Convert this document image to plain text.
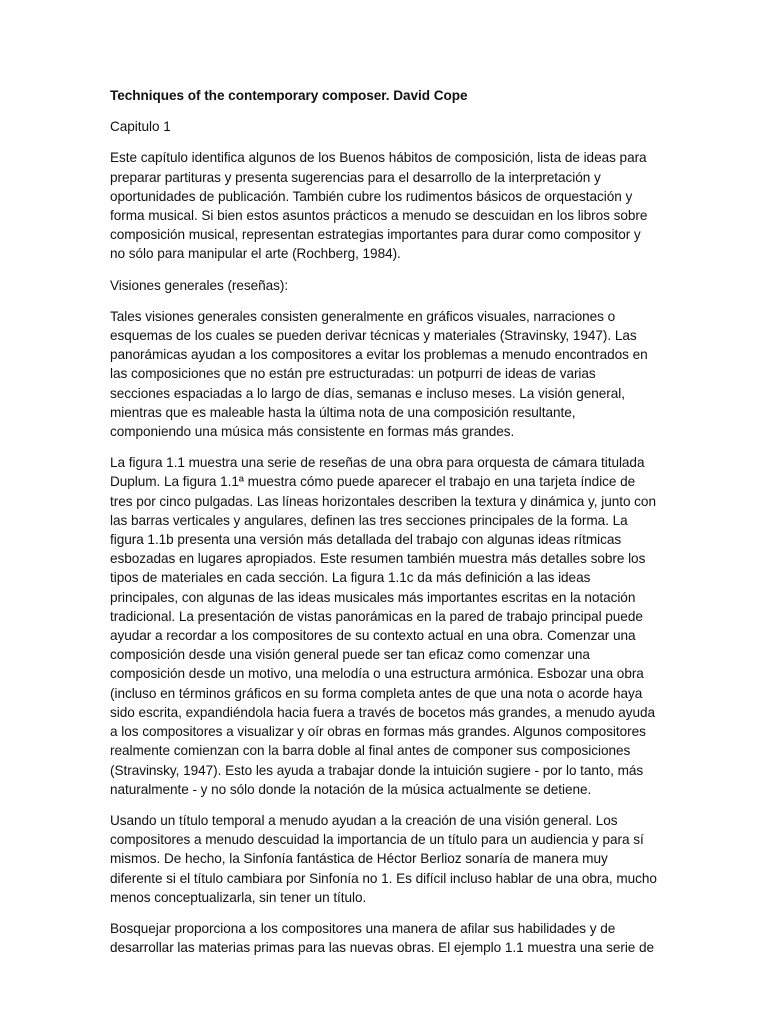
Techniques of the contemporary composer. David Cope

Capitulo 1

Este capítulo identifica algunos de los Buenos hábitos de composición, lista de ideas para preparar partituras y presenta sugerencias para el desarrollo de la interpretación y oportunidades de publicación. También cubre los rudimentos básicos de orquestación y forma musical. Si bien estos asuntos prácticos a menudo se descuidan en los libros sobre composición musical, representan estrategias importantes para durar como compositor y no sólo para manipular el arte (Rochberg, 1984).

Visiones generales (reseñas):

Tales visiones generales consisten generalmente en gráficos visuales, narraciones o esquemas de los cuales se pueden derivar técnicas y materiales (Stravinsky, 1947). Las panorámicas ayudan a los compositores a evitar los problemas a menudo encontrados en las composiciones que no están pre estructuradas: un potpurri de ideas de varias secciones espaciadas a lo largo de días, semanas e incluso meses. La visión general, mientras que es maleable hasta la última nota de una composición resultante, componiendo una música más consistente en formas más grandes.

La figura 1.1 muestra una serie de reseñas de una obra para orquesta de cámara titulada Duplum. La figura 1.1ª muestra cómo puede aparecer el trabajo en una tarjeta índice de tres por cinco pulgadas. Las líneas horizontales describen la textura y dinámica y, junto con las barras verticales y angulares, definen las tres secciones principales de la forma. La figura 1.1b presenta una versión más detallada del trabajo con algunas ideas rítmicas esbozadas en lugares apropiados. Este resumen también muestra más detalles sobre los tipos de materiales en cada sección. La figura 1.1c da más definición a las ideas principales, con algunas de las ideas musicales más importantes escritas en la notación tradicional. La presentación de vistas panorámicas en la pared de trabajo principal puede ayudar a recordar a los compositores de su contexto actual en una obra. Comenzar una composición desde una visión general puede ser tan eficaz como comenzar una composición desde un motivo, una melodía o una estructura armónica. Esbozar una obra (incluso en términos gráficos en su forma completa antes de que una nota o acorde haya sido escrita, expandiéndola hacia fuera a través de bocetos más grandes, a menudo ayuda a los compositores a visualizar y oír obras en formas más grandes. Algunos compositores realmente comienzan con la barra doble al final antes de componer sus composiciones (Stravinsky, 1947). Esto les ayuda a trabajar donde la intuición sugiere - por lo tanto, más naturalmente - y no sólo donde la notación de la música actualmente se detiene.

Usando un título temporal a menudo ayudan a la creación de una visión general. Los compositores a menudo descuidad la importancia de un título para un audiencia y para sí mismos. De hecho, la Sinfonía fantástica de Héctor Berlioz sonaría de manera muy diferente si el título cambiara por Sinfonía no 1. Es difícil incluso hablar de una obra, mucho menos conceptualizarla, sin tener un título.

Bosquejar proporciona a los compositores una manera de afilar sus habilidades y de desarrollar las materias primas para las nuevas obras. El ejemplo 1.1 muestra una serie de
